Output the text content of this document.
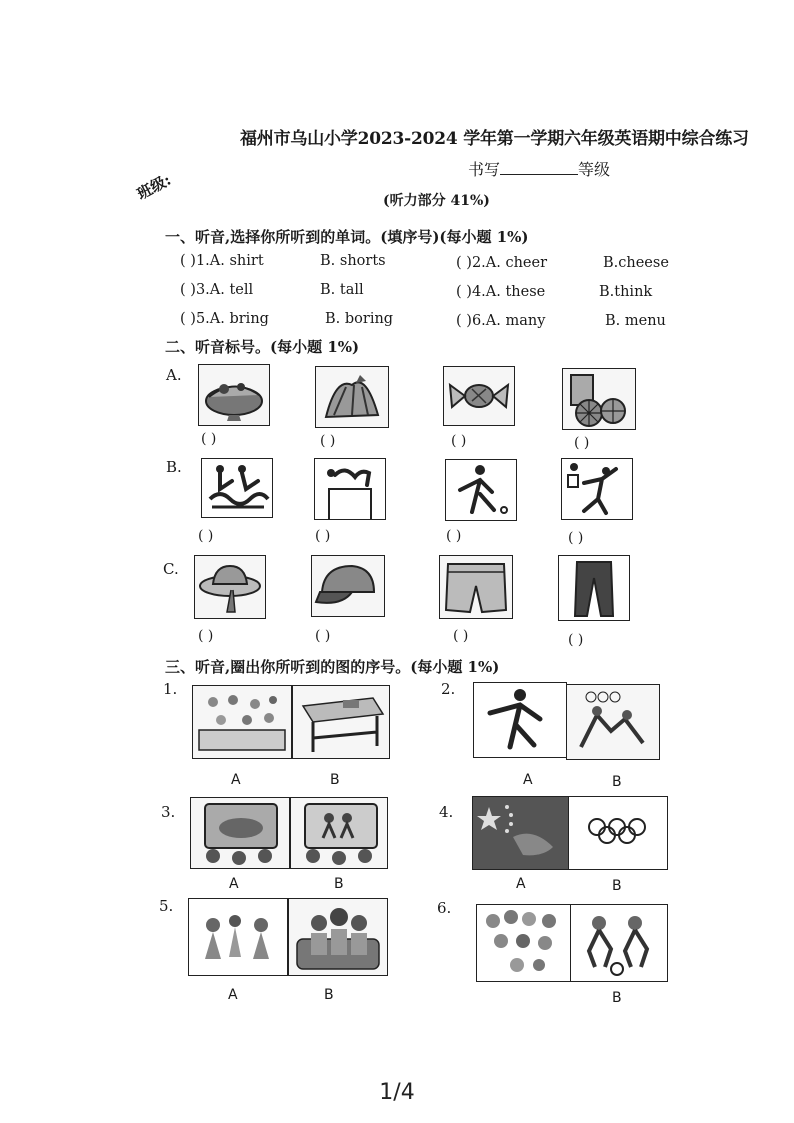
福州市乌山小学2023-2024 学年第一学期六年级英语期中综合练习
书写	等级
班级:	(听力部分 41%)
一、听音,选择你所听到的单词。(填序号)(每小题 1%)
( )1.A. shirt	B. shorts	( )2.A. cheer	B.cheese
( )3.A. tell	B. tall	( )4.A. these	B.think
( )5.A. bring	B. boring	( )6.A. many	B. menu
二、听音标号。(每小题 1%)
A.
( )	( )	( )	( )
B.
( )	( )	( )	( )
C.
( )	( )	( )	( )
三、听音,圈出你所听到的图的序号。(每小题 1%)
1.
A	B
2.
A	B
3.
A	B
4.
A	B
5.
A	B
6.
B
1/4
